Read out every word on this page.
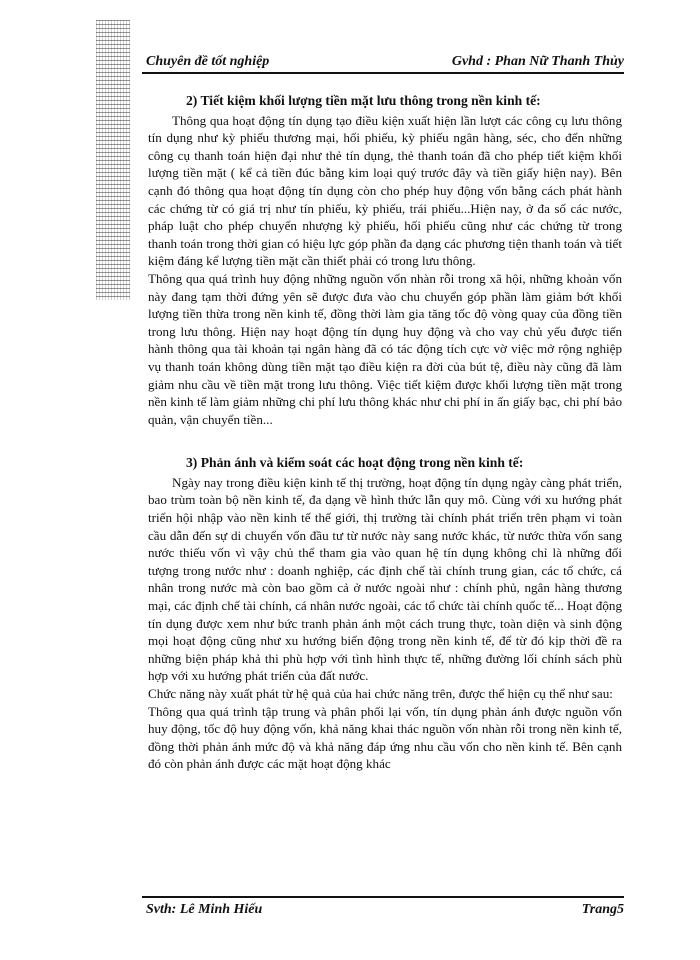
Chuyên đề tốt nghiệp	Gvhd : Phan Nữ Thanh Thủy
2) Tiết kiệm khối lượng tiền mặt lưu thông trong nền kinh tế:

Thông qua hoạt động tín dụng tạo điều kiện xuất hiện lần lượt các công cụ lưu thông tín dụng như kỳ phiếu thương mại, hối phiếu, kỳ phiếu ngân hàng, séc, cho đến những công cụ thanh toán hiện đại như thẻ tín dụng, thẻ thanh toán đã cho phép tiết kiệm khối lượng tiền mặt ( kể cả tiền đúc bằng kim loại quý trước đây và tiền giấy hiện nay). Bên cạnh đó thông qua hoạt động tín dụng còn cho phép huy động vốn bằng cách phát hành các chứng từ có giá trị như tín phiếu, kỳ phiếu, trái phiếu...Hiện nay, ở đa số các nước, pháp luật cho phép chuyển nhượng kỳ phiếu, hối phiếu cũng như các chứng từ trong thanh toán trong thời gian có hiệu lực góp phần đa dạng các phương tiện thanh toán và tiết kiệm đáng kể lượng tiền mặt cần thiết phải có trong lưu thông.

Thông qua quá trình huy động những nguồn vốn nhàn rỗi trong xã hội, những khoản vốn này đang tạm thời đứng yên sẽ được đưa vào chu chuyển góp phần làm giảm bớt khối lượng tiền thừa trong nền kinh tế, đồng thời làm gia tăng tốc độ vòng quay của đồng tiền trong lưu thông. Hiện nay hoạt động tín dụng huy động và cho vay chủ yếu được tiến hành thông qua tài khoản tại ngân hàng đã có tác động tích cực vờ việc mở rộng nghiệp vụ thanh toán không dùng tiền mặt tạo điều kiện ra đời của bút tệ, điều này cũng đã làm giảm nhu cầu về tiền mặt trong lưu thông. Việc tiết kiệm được khối lượng tiền mặt trong nền kinh tế làm giảm những chi phí lưu thông khác như chi phí in ấn giấy bạc, chi phí bảo quản, vận chuyển tiền...

3) Phản ánh và kiểm soát các hoạt động trong nền kinh tế:

Ngày nay trong điều kiện kinh tế thị trường, hoạt động tín dụng ngày càng phát triển, bao trùm toàn bộ nền kinh tế, đa dạng về hình thức lẫn quy mô. Cùng với xu hướng phát triển hội nhập vào nền kinh tế thế giới, thị trường tài chính phát triển trên phạm vi toàn cầu dẫn đến sự di chuyển vốn đầu tư từ nước này sang nước khác, từ nước thừa vốn sang nước thiếu vốn vì vậy chủ thể tham gia vào quan hệ tín dụng không chỉ là những đối tượng trong nước như : doanh nghiệp, các định chế tài chính trung gian, các tổ chức, cá nhân trong nước mà còn bao gồm cả ở nước ngoài như : chính phủ, ngân hàng thương mại, các định chế tài chính, cá nhân nước ngoài, các tổ chức tài chính quốc tế... Hoạt động tín dụng được xem như bức tranh phản ánh một cách trung thực, toàn diện và sinh động mọi hoạt động cũng như xu hướng biến động trong nền kinh tế, để từ đó kịp thời đề ra những biện pháp khả thi phù hợp với tình hình thực tế, những đường lối chính sách phù hợp với xu hướng phát triển của đất nước.

Chức năng này xuất phát từ hệ quả của hai chức năng trên, được thể hiện cụ thể như sau:

Thông qua quá trình tập trung và phân phối lại vốn, tín dụng phản ánh được nguồn vốn huy động, tốc độ huy động vốn, khả năng khai thác nguồn vốn nhàn rỗi trong nền kinh tế, đồng thời phản ánh mức độ và khả năng đáp ứng nhu cầu vốn cho nền kinh tế. Bên cạnh đó còn phản ánh được các mặt hoạt động khác

Svth: Lê Minh Hiếu	Trang5
